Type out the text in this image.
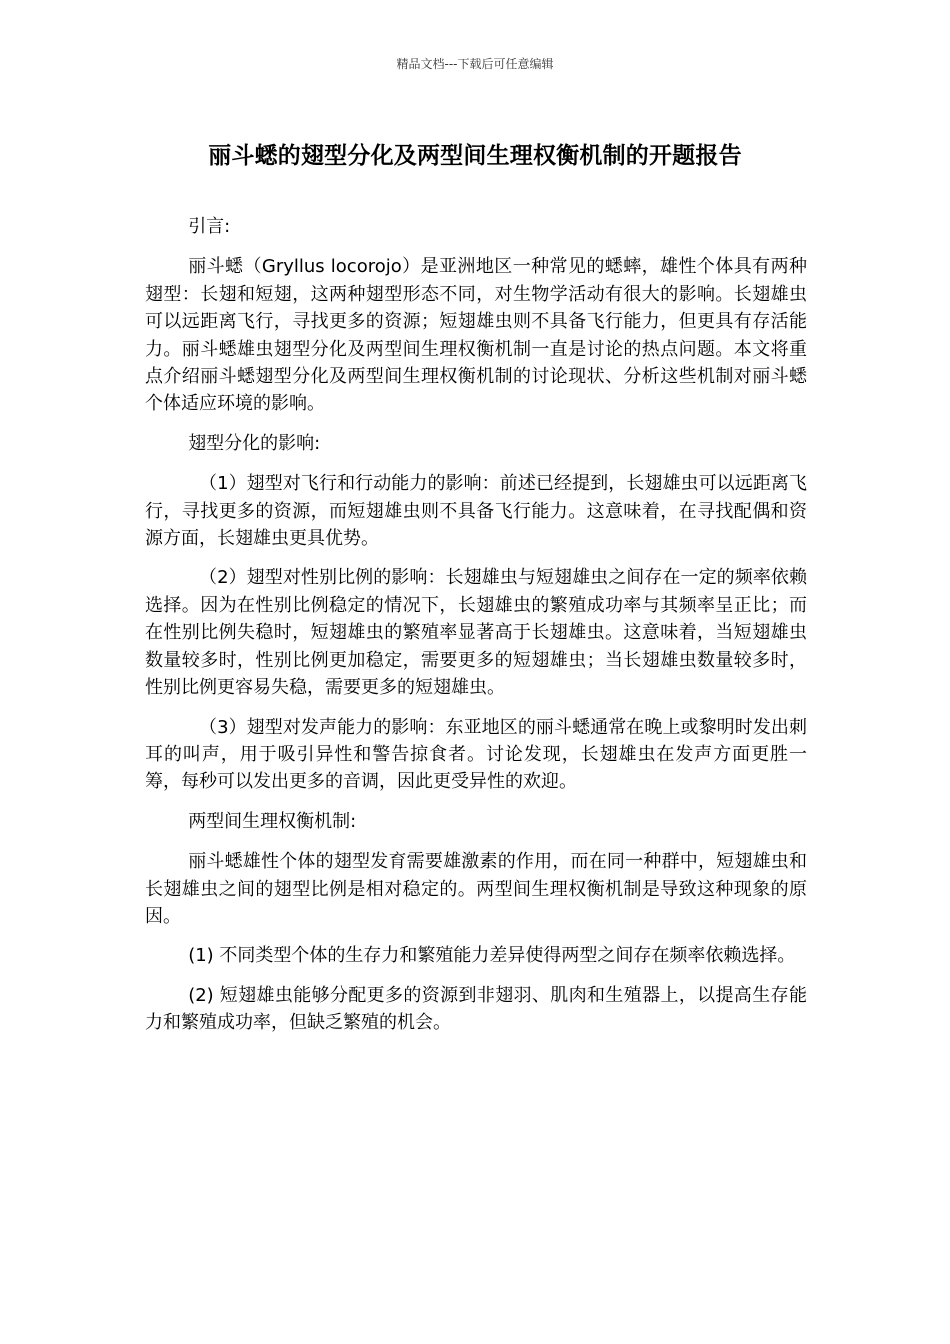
精品文档---下载后可任意编辑
丽斗蟋的翅型分化及两型间生理权衡机制的开题报告

引言:

丽斗蟋（Gryllus locorojo）是亚洲地区一种常见的蟋蟀，雄性个体具有两种翅型：长翅和短翅，这两种翅型形态不同，对生物学活动有很大的影响。长翅雄虫可以远距离飞行，寻找更多的资源；短翅雄虫则不具备飞行能力，但更具有存活能力。丽斗蟋雄虫翅型分化及两型间生理权衡机制一直是讨论的热点问题。本文将重点介绍丽斗蟋翅型分化及两型间生理权衡机制的讨论现状、分析这些机制对丽斗蟋个体适应环境的影响。

翅型分化的影响:

（1）翅型对飞行和行动能力的影响：前述已经提到，长翅雄虫可以远距离飞行，寻找更多的资源，而短翅雄虫则不具备飞行能力。这意味着，在寻找配偶和资源方面，长翅雄虫更具优势。

（2）翅型对性别比例的影响：长翅雄虫与短翅雄虫之间存在一定的频率依赖选择。因为在性别比例稳定的情况下，长翅雄虫的繁殖成功率与其频率呈正比；而在性别比例失稳时，短翅雄虫的繁殖率显著高于长翅雄虫。这意味着，当短翅雄虫数量较多时，性别比例更加稳定，需要更多的短翅雄虫；当长翅雄虫数量较多时，性别比例更容易失稳，需要更多的短翅雄虫。

（3）翅型对发声能力的影响：东亚地区的丽斗蟋通常在晚上或黎明时发出刺耳的叫声，用于吸引异性和警告掠食者。讨论发现，长翅雄虫在发声方面更胜一筹，每秒可以发出更多的音调，因此更受异性的欢迎。

两型间生理权衡机制:

丽斗蟋雄性个体的翅型发育需要雄激素的作用，而在同一种群中，短翅雄虫和长翅雄虫之间的翅型比例是相对稳定的。两型间生理权衡机制是导致这种现象的原因。

(1) 不同类型个体的生存力和繁殖能力差异使得两型之间存在频率依赖选择。

(2) 短翅雄虫能够分配更多的资源到非翅羽、肌肉和生殖器上，以提高生存能力和繁殖成功率，但缺乏繁殖的机会。
